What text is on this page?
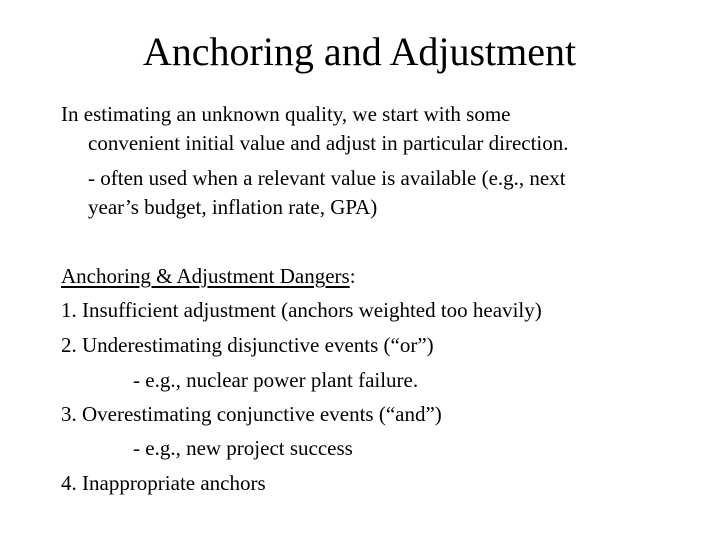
Anchoring and Adjustment
In estimating an unknown quality, we start with some
convenient initial value and adjust in particular direction.
- often used when a relevant value is available (e.g., next
year’s budget, inflation rate, GPA)
Anchoring & Adjustment Dangers:
1. Insufficient adjustment (anchors weighted too heavily)
2. Underestimating disjunctive events (“or”)
- e.g., nuclear power plant failure.
3. Overestimating conjunctive events (“and”)
- e.g., new project success
4. Inappropriate anchors
